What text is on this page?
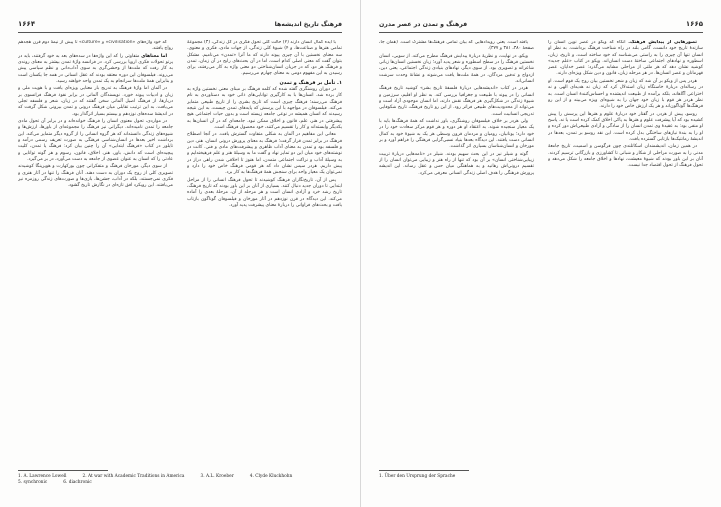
۱۶۶۴	فرهنگ تاریخ اندیشه‌ها

با ایده کمال انسان دارند (۲) حالت کلی تحول فکری در کل زندگی، (۳) مجموعهٔ تمامی هنرها و صناعت‌ها، و ۴) شیوهٔ کلی زندگی، از جهات مادی، فکری و معنوی. سه معنای نخستین با آن چیزی پیوند دارند که ما آنرا «تمدن» می‌نامیم. مشکل بتوان گفت که معنی اصلی کدام است، اما در آن بحث‌های رایج در آن زمان، تمدن و فرهنگ هر دو، که در جریان انسان‌شناختی دو معنی واژه به کار می‌رفتند، برای رسیدن به این مفهوم دومی به معنای چهارم می‌رسیم.

۱. تأمل بر فرهنگ و تمدن

در دوران روشنگری گفته شده که کلمه فرهنگ بر مبنای معنی نخستین واژه به کار برده شد. انسان‌ها با به کارگیری توانایی‌های ذاتی خود به دستاوردی به نام فرهنگ می‌رسند؛ فرهنگ چیزی است که تاریخ بشری را از تاریخ طبیعی متمایز می‌کند. فیلسوفان در مواجهه با این پرسش که پایه‌های تمدن چیست، به این نتیجه رسیدند که انسان همیشه در نوعی جامعه زیسته است و بدون حیات اجتماعی هیچ پیشرفتی در هنر، علم، قانون و اخلاق ممکن نبود. جامعه‌ای که در آن انسان‌ها به یکدیگر وابسته‌اند و کار را تقسیم می‌کنند، خود محصول فرهنگ است.

معانی این مفاهیم در آلمان به شکلی متفاوت گسترش یافت. در آنجا اصطلاح فرهنگ در برابر تمدن قرار گرفت؛ فرهنگ به معنای پرورش درونی انسان، هنر، دین و فلسفه بود و تمدن به معنای آداب ظاهری و پیشرفت‌های مادی و فنی. کانت در نوشته‌های خود میان این دو تمایز نهاد و گفت ما به وسیلهٔ هنر و علم فرهیخته‌ایم و به وسیلهٔ آداب و نزاکت اجتماعی متمدن، اما هنوز تا اخلاقی شدن راهی دراز در پیش داریم. هردر سپس نشان داد که هر قومی فرهنگ خاص خود را دارد و نمی‌توان یک معیار واحد برای سنجش همهٔ فرهنگ‌ها به کار برد.

پس از آن، تاریخ‌نگاران فرهنگ کوشیدند تا تحول فرهنگ انسانی را از مراحل ابتدایی تا دوران جدید دنبال کنند. بسیاری از آنان بر این باور بودند که تاریخ فرهنگ، تاریخ رشد خرد و آزادی انسان است و هر مرحله از آن، مرحلهٔ بعدی را آماده می‌کند. این دیدگاه در قرن نوزدهم در آثار مورخان و فیلسوفان گوناگون بازتاب یافت و بحث‌های فراوانی را دربارهٔ معنای پیشرفت پدید آورد.

که خود واژه‌های «civilisation» و «culture» تا پیش از نیمهٔ دوم قرن هجدهم رواج یافتند.

اما معناهای متفاوتی را که این واژه‌ها در سده‌های بعد به خود گرفتند، باید در پرتو تحولات فکری اروپا بررسی کرد. در فرانسه واژهٔ تمدن بیشتر به معنای روندی به کار رفت که ملت‌ها از وحشی‌گری به سوی آداب‌دانی و نظم سیاسی پیش می‌روند. فیلسوفان این دوره معتقد بودند که عقل انسانی در همه جا یکسان است و بنابراین همهٔ ملت‌ها سرانجام به یک تمدن واحد خواهند رسید.

در آلمان اما واژهٔ فرهنگ به تدریج بار معنایی ویژه‌ای یافت و با هویت ملی و زبان و ادبیات پیوند خورد. نویسندگان آلمانی در برابر نفوذ فرهنگ فرانسوی بر دربارها، از فرهنگ اصیل آلمانی سخن گفتند که در زبان، شعر و فلسفه تجلی می‌یافت. به این ترتیب تقابلی میان فرهنگ درونی و تمدن بیرونی شکل گرفت که در اندیشهٔ سده‌های نوزدهم و بیستم بسیار اثرگذار بود.

در مواردی، تحول معنوی انسان را فرهنگ خوانده‌اند و در برابر آن تحول مادی جامعه را تمدن نامیده‌اند. دیگرانی نیز فرهنگ را مجموعه‌ای از باورها، ارزش‌ها و شیوه‌های زندگی دانسته‌اند که هر گروه انسانی را از گروه دیگر متمایز می‌کند. این برداشت اخیر بعدها در انسان‌شناسی فرهنگی به صورت تعریف رسمی درآمد و تایلور در کتاب «فرهنگ ابتدایی» آن را چنین بیان کرد: فرهنگ یا تمدن، کلیت پیچیده‌ای است که دانش، باور، هنر، اخلاق، قانون، رسوم و هر گونه توانایی و عادتی را که انسان به عنوان عضوی از جامعه به دست می‌آورد، در بر می‌گیرد.

از سوی دیگر، مورخان فرهنگ و متفکرانی چون بورکهارت و هویزینگا کوشیدند تصویری کلی از روح یک دوران به دست دهند. آنان فرهنگ را تنها در آثار هنری و فکری نمی‌جستند، بلکه در آداب، جشن‌ها، بازی‌ها و صورت‌های زندگی روزمره نیز می‌یافتند. این رویکرد افق تازه‌ای در نگارش تاریخ گشود.

1. A. Lawrence Lowell	2. At war with Academic Traditions in America	3. A.L. Kroeber	4. Clyde Kluckhohn5. synchronic	6. diachronic
۱۶۶۵
فرهنگ و تمدن در عصر مدرن

تصورهایی از پیدایش فرهنگ. آنگاه که ویکو در عصر نوین انسان را سازندهٔ تاریخ خود دانست، گامی بلند در راه شناخت فرهنگ برداشت. به نظر او انسان تنها آن چیزی را به راستی می‌شناسد که خود ساخته است، و تاریخ، زبان، اسطوره و نهادهای اجتماعی ساختهٔ دست انسان‌اند. ویکو در کتاب «علم جدید» کوشید نشان دهد که هر ملتی از مراحلی مشابه می‌گذرد: عصر خدایان، عصر قهرمانان و عصر انسان‌ها. در هر مرحله زبان، قانون و دین شکل ویژه‌ای دارند.

هردر پس از ویکو بر آن شد که زبان و شعر نخستین بیان روح یک قوم است. او در رساله‌ای دربارهٔ خاستگاه زبان استدلال کرد که زبان نه هدیه‌ای الهی و نه اختراعی آگاهانه، بلکه برآمده از طبیعت اندیشنده و احساس‌کنندهٔ انسان است. به نظر هردر هر قوم با زبان خود جهان را به شیوه‌ای ویژه می‌بیند و از این رو فرهنگ‌ها گوناگون‌اند و هر یک ارزش خاص خود را دارند.

روسو، پیش از هردر، در گفتار خود دربارهٔ علوم و هنرها این پرسش را پیش کشیده بود که آیا پیشرفت علوم و هنرها به پاکی اخلاق کمک کرده است یا نه. پاسخ او منفی بود: به عقیدهٔ وی تمدن انسان را از سادگی و آزادی طبیعی‌اش دور کرده و او را به بندهٔ نیازهای ساختگی بدل کرده است. این نقد روسو بر تمدن، بعدها در اندیشهٔ رمانتیک‌ها بازتابی گسترده یافت.

در همین زمان، اندیشمندان اسکاتلندی چون فرگوسن و اسمیت، تاریخ جامعهٔ مدنی را به صورت مراحلی از شکار و شبانی تا کشاورزی و بازرگانی ترسیم کردند. آنان بر این باور بودند که شیوهٔ معیشت، نهادها و اخلاق جامعه را شکل می‌دهد و تحول فرهنگ از تحول اقتصاد جدا نیست.

یافته است. یعنی رویدادهایی که بیان تمامی فرهنگ‌ها مشترک است. (همان جا، صفحهٔ ۳۸۰، ۳۸۱ و ۳۷۷).

ویکو، در نهایت، و نظریهٔ دربارهٔ پیدایش فرهنگ مطرح می‌کند. از سویی، انسان نخستین فرهنگ را در سطح اسطوره و شعر پدید آورد؛ زبان نخستین انسان‌ها زبانی شاعرانه و تصویری بود. از سوی دیگر، نهادهای بنیادی زندگی اجتماعی، یعنی دین، ازدواج و تدفین مردگان، در همهٔ ملت‌ها یافت می‌شوند و نشانهٔ وحدت سرشت انسانی‌اند.

هردر در کتاب «اندیشه‌هایی دربارهٔ فلسفهٔ تاریخ بشر» کوشید تاریخ فرهنگ انسانی را در پیوند با طبیعت و جغرافیا بررسی کند. به نظر او اقلیم، سرزمین و شیوهٔ زندگی در شکل‌گیری هر فرهنگ نقش دارند، اما انسان موجودی آزاد است و می‌تواند از محدودیت‌های طبیعی فراتر رود. از این رو تاریخ فرهنگ، تاریخ شکوفایی تدریجی انسانیت است.

ولی هردر بر خلاف فیلسوفان روشنگری، باور نداشت که همهٔ فرهنگ‌ها باید با یک معیار سنجیده شوند. به اعتقاد او هر دوره و هر قوم مرکز سعادت خود را در خود دارد؛ یونانیان، رومیان و مردمان قرون وسطی هر یک به شیوهٔ خود به کمال انسانی دست یافتند. این دیدگاه بعدها بنیاد نسبی‌گرایی فرهنگی را فراهم آورد و بر مورخان و انسان‌شناسان بسیاری اثر گذاشت.

گوته و شیلر نیز در این بحث سهیم بودند. شیلر در «نامه‌هایی دربارهٔ تربیت زیبایی‌شناختی انسان» بر آن بود که تنها از راه هنر و زیبایی می‌توان انسان را از تقسیم درونی‌اش رهانید و به هماهنگی میان حس و عقل رساند. این اندیشه پرورش فرهنگی را هدف اصلی زندگی انسانی معرفی می‌کرد.

1. Über den Ursprung der Sprache
